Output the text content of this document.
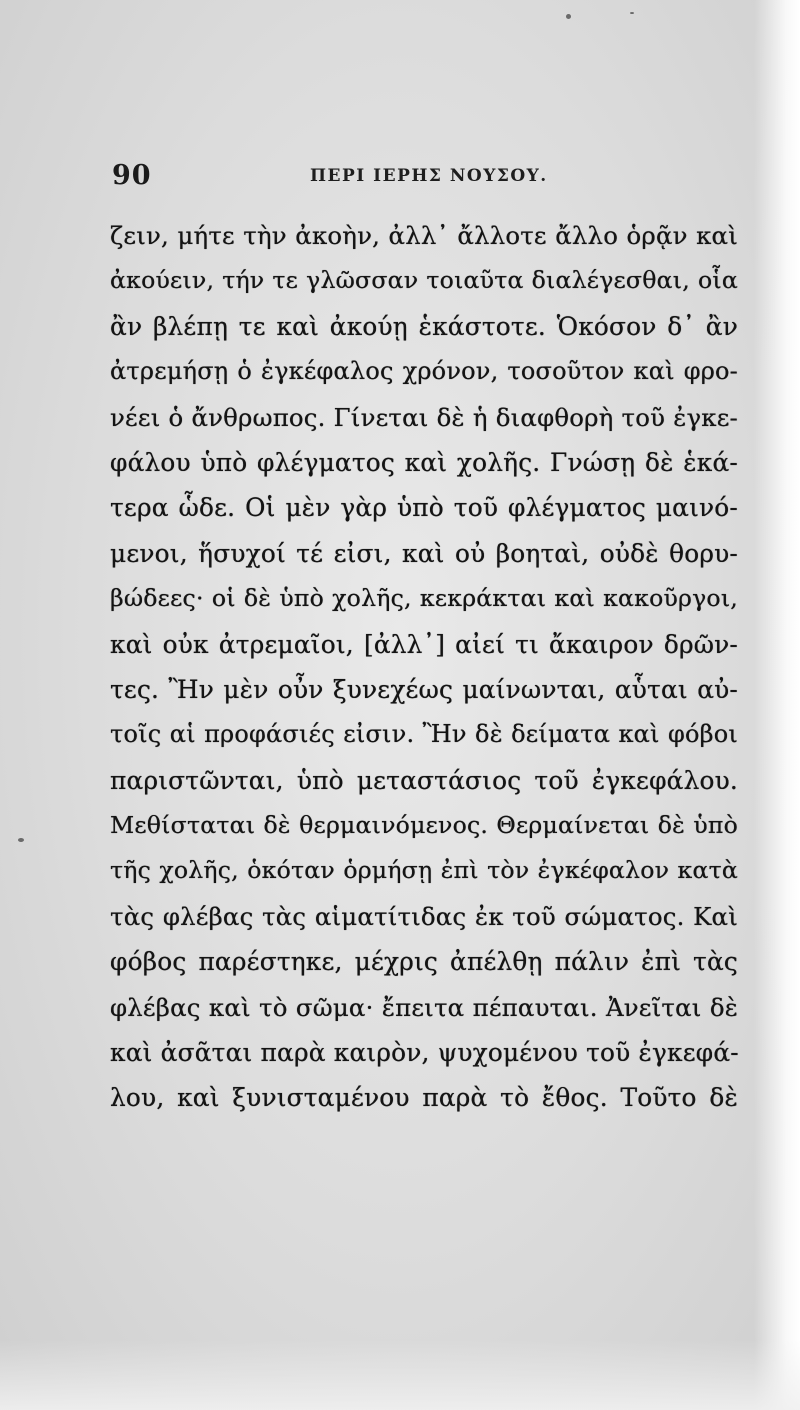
90	ΠΕΡΙ ΙΕΡΗΣ ΝΟΥΣΟΥ.
ζειν, μήτε τὴν ἀκοὴν, ἀλλ᾽ ἄλλοτε ἄλλο ὁρᾷν καὶ
ἀκούειν, τήν τε γλῶσσαν τοιαῦτα διαλέγεσθαι, οἷα
ἂν βλέπῃ τε καὶ ἀκούῃ ἑκάστοτε. Ὁκόσον δ᾽ ἂν
ἀτρεμήσῃ ὁ ἐγκέφαλος χρόνον, τοσοῦτον καὶ φρο-
νέει ὁ ἄνθρωπος. Γίνεται δὲ ἡ διαφθορὴ τοῦ ἐγκε-
φάλου ὑπὸ φλέγματος καὶ χολῆς. Γνώσῃ δὲ ἑκά-
τερα ὧδε. Οἱ μὲν γὰρ ὑπὸ τοῦ φλέγματος μαινό-
μενοι, ἥσυχοί τέ εἰσι, καὶ οὐ βοηταὶ, οὐδὲ θορυ-
βώδεες· οἱ δὲ ὑπὸ χολῆς, κεκράκται καὶ κακοῦργοι,
καὶ οὐκ ἀτρεμαῖοι, [ἀλλ᾽] αἰεί τι ἄκαιρον δρῶν-
τες. Ἢν μὲν οὖν ξυνεχέως μαίνωνται, αὗται αὐ-
τοῖς αἱ προφάσιές εἰσιν. Ἢν δὲ δείματα καὶ φόβοι
παριστῶνται, ὑπὸ μεταστάσιος τοῦ ἐγκεφάλου.
Μεθίσταται δὲ θερμαινόμενος. Θερμαίνεται δὲ ὑπὸ
τῆς χολῆς, ὁκόταν ὁρμήσῃ ἐπὶ τὸν ἐγκέφαλον κατὰ
τὰς φλέβας τὰς αἱματίτιδας ἐκ τοῦ σώματος. Καὶ
φόβος παρέστηκε, μέχρις ἀπέλθῃ πάλιν ἐπὶ τὰς
φλέβας καὶ τὸ σῶμα· ἔπειτα πέπαυται. Ἀνεῖται δὲ
καὶ ἀσᾶται παρὰ καιρὸν, ψυχομένου τοῦ ἐγκεφά-
λου, καὶ ξυνισταμένου παρὰ τὸ ἔθος. Τοῦτο δὲ
